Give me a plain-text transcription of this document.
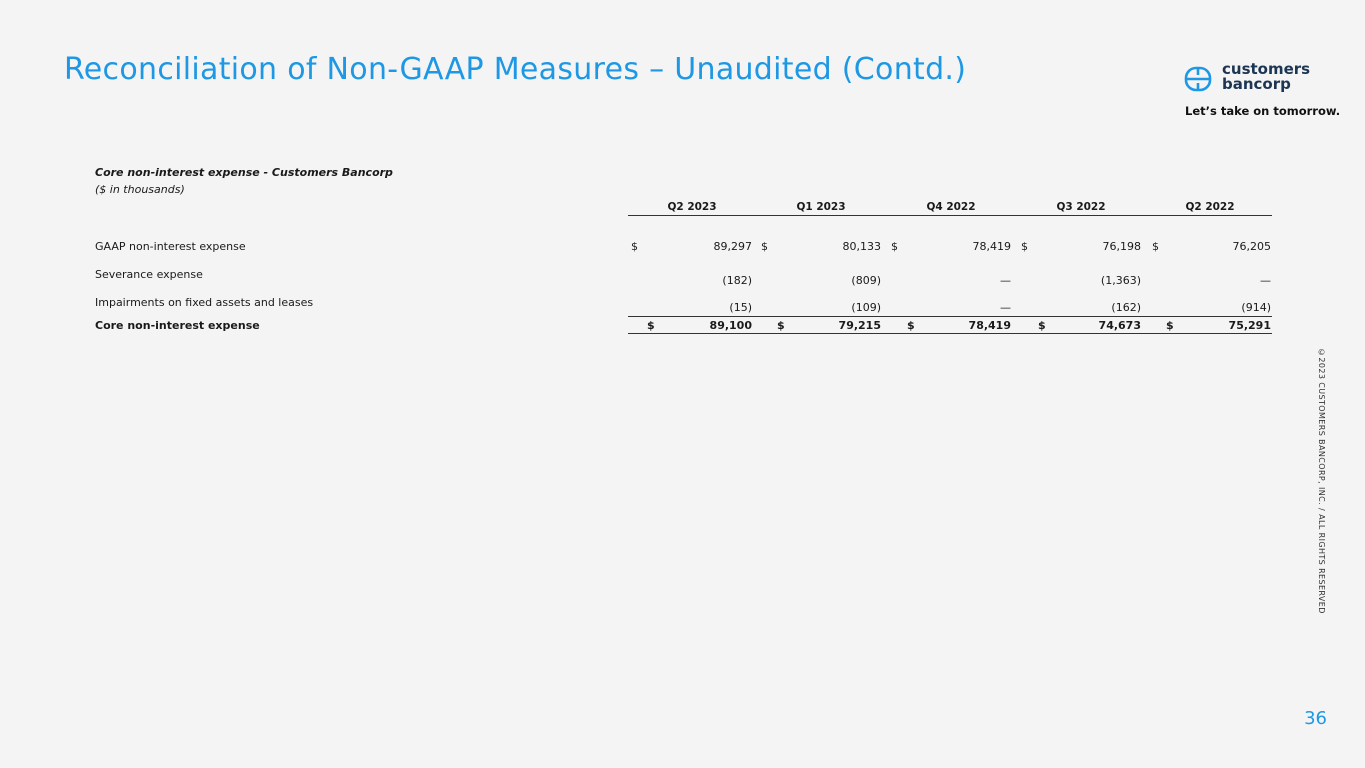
Reconciliation of Non-GAAP Measures – Unaudited (Contd.)	customers
bancorp
Let’s take on tomorrow.
Core non-interest expense - Customers Bancorp
($ in thousands)
Q2 2023	Q1 2023	Q4 2022	Q3 2022	Q2 2022
GAAP non-interest expense	$	89,297 $	80,133 $	78,419 $	76,198 $	76,205
Severance expense	(182)	(809)	—	(1,363)	—
Impairments on fixed assets and leases	(15)	(109)	—	(162)	(914)
Core non-interest expense	$	89,100 $	79,215 $	78,419 $	74,673 $	75,291
©2023 CUSTOMERS BANCORP, INC. / ALL RIGHTS RESERVED
36
